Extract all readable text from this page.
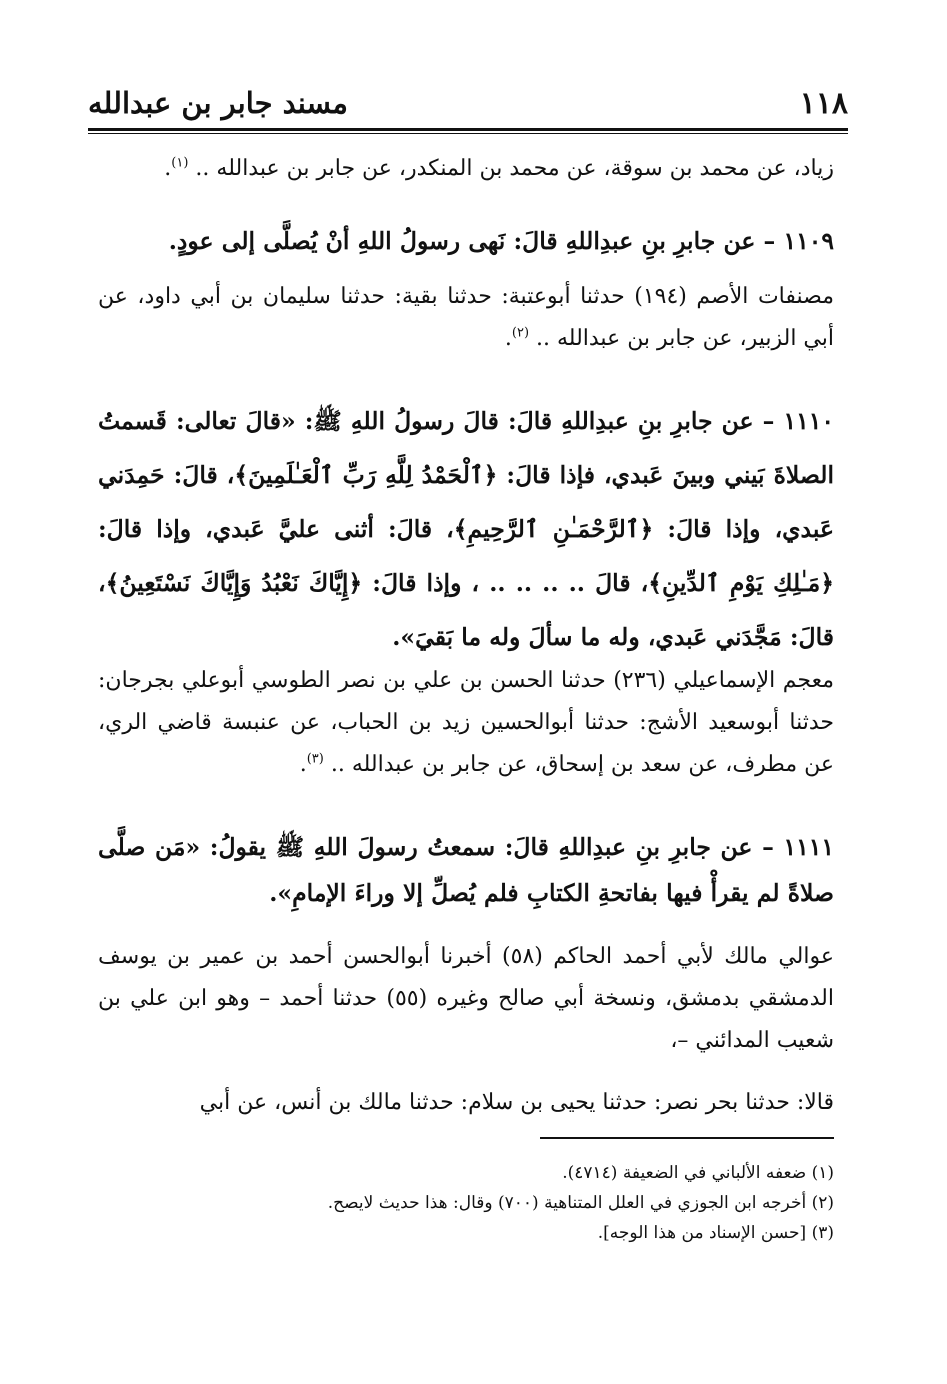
١١٨
مسند جابر بن عبدالله

زياد، عن محمد بن سوقة، عن محمد بن المنكدر، عن جابر بن عبدالله .. $^{(١)}$.

١١٠٩ – عن جابرِ بنِ عبدِاللهِ قالَ: نَهى رسولُ اللهِ أنْ يُصلَّى إلى عودٍ.

مصنفات الأصم (١٩٤) حدثنا أبوعتبة: حدثنا بقية: حدثنا سليمان بن أبي داود، عن أبي الزبير، عن جابر بن عبدالله .. $^{(٢)}$.

١١١٠ – عن جابرِ بنِ عبدِاللهِ قالَ: قالَ رسولُ اللهِ ﷺ: «قالَ تعالى: قَسمتُ الصلاةَ بَيني وبينَ عَبدي، فإذا قالَ: ﴿ٱلْحَمْدُ لِلَّهِ رَبِّ ٱلْعَـٰلَمِينَ﴾، قالَ: حَمِدَني عَبدي، وإذا قالَ: ﴿ٱلرَّحْمَـٰنِ ٱلرَّحِيمِ﴾، قالَ: أثنى عليَّ عَبدي، وإذا قالَ: ﴿مَـٰلِكِ يَوْمِ ٱلدِّينِ﴾، قالَ .. .. .. .. ، وإذا قالَ: ﴿إِيَّاكَ نَعْبُدُ وَإِيَّاكَ نَسْتَعِينُ﴾، قالَ: مَجَّدَني عَبدي، وله ما سألَ وله ما بَقيَ».

معجم الإسماعيلي (٢٣٦) حدثنا الحسن بن علي بن نصر الطوسي أبوعلي بجرجان: حدثنا أبوسعيد الأشج: حدثنا أبوالحسين زيد بن الحباب، عن عنبسة قاضي الري، عن مطرف، عن سعد بن إسحاق، عن جابر بن عبدالله .. $^{(٣)}$.

١١١١ – عن جابرِ بنِ عبدِاللهِ قالَ: سمعتُ رسولَ اللهِ ﷺ يقولُ: «مَن صلَّى صلاةً لم يقرأْ فيها بفاتحةِ الكتابِ فلم يُصلِّ إلا وراءَ الإمامِ».

عوالي مالك لأبي أحمد الحاكم (٥٨) أخبرنا أبوالحسن أحمد بن عمير بن يوسف الدمشقي بدمشق، ونسخة أبي صالح وغيره (٥٥) حدثنا أحمد – وهو ابن علي بن شعيب المدائني –،

قالا: حدثنا بحر نصر: حدثنا يحيى بن سلام: حدثنا مالك بن أنس، عن أبي

(١) ضعفه الألباني في الضعيفة (٤٧١٤).

(٢) أخرجه ابن الجوزي في العلل المتناهية (٧٠٠) وقال: هذا حديث لايصح.

(٣) [حسن الإسناد من هذا الوجه].
